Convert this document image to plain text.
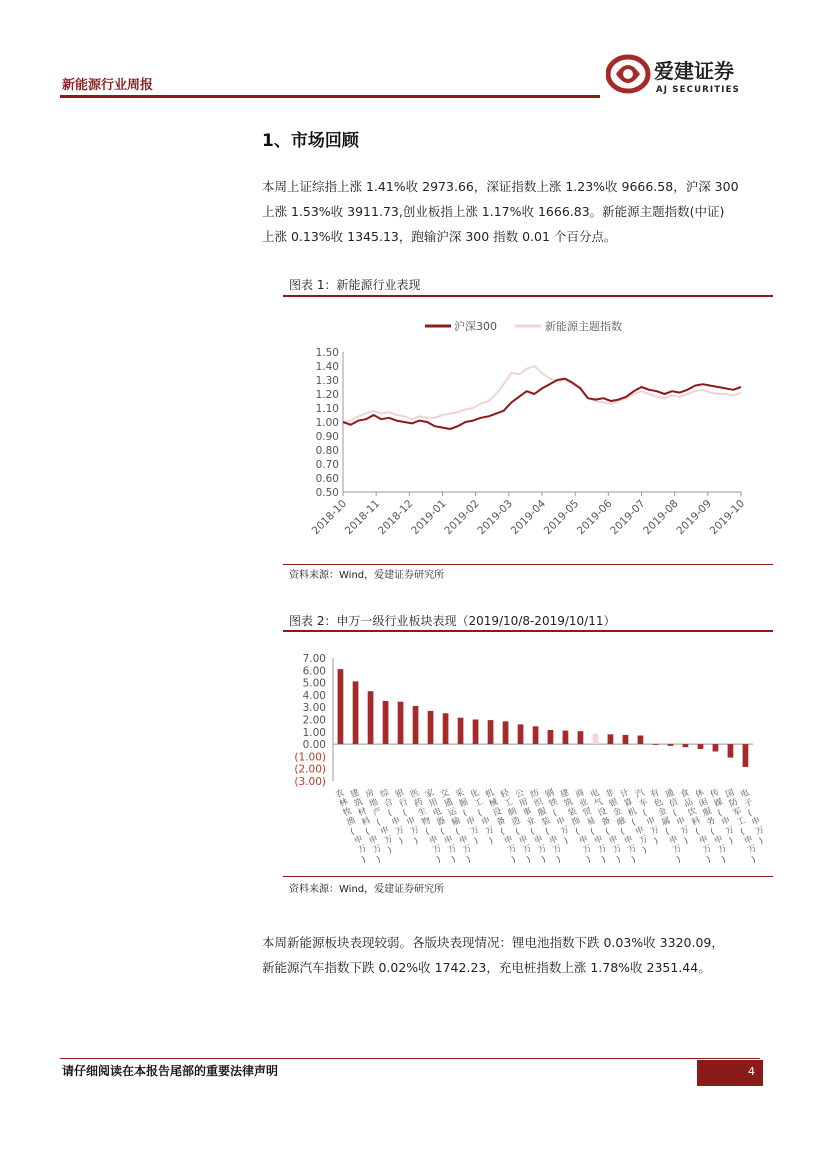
新能源行业周报
爱建证券
AJ SECURITIES
1、市场回顾
本周上证综指上涨 1.41%收 2973.66，深证指数上涨 1.23%收 9666.58，沪深 300
上涨 1.53%收 3911.73,创业板指上涨 1.17%收 1666.83。新能源主题指数(中证)
上涨 0.13%收 1345.13，跑输沪深 300 指数 0.01 个百分点。
图表 1：新能源行业表现
沪深300	新能源主题指数
1.50
1.40
1.30
1.20
1.10
1.00
0.90
0.80
0.70
0.60
0.50
2018-10
2018-11
2018-12
2019-01
2019-02
2019-03
2019-04
2019-05
2019-06
2019-07
2019-08
2019-09
2019-10
资料来源：Wind，爱建证券研究所
图表 2：申万一级行业板块表现（2019/10/8-2019/10/11）
7.00
6.00
5.00
4.00
3.00
2.00
1.00
0.00
(1.00)
(2.00)
(3.00)
农林牧渔(申万)
建筑材料(申万)
房地产(申万)
综合(申万)
银行(申万)
医药生物(申万)
家用电器(申万)
交通运输(申万)
采掘(申万)
化工(申万)
机械设备(申万)
轻工制造(申万)
公用事业(申万)
纺织服装(申万)
钢铁(申万)
建筑装饰(申万)
商业贸易(申万)
电气设备(申万)
非银金融(申万)
计算机(申万)
汽车(申万)
有色金属(申万)
通信(申万)
食品饮料(申万)
休闲服务(申万)
传媒(申万)
国防军工(申万)
电子(申万)
资料来源：Wind，爱建证券研究所
本周新能源板块表现较弱。各版块表现情况：锂电池指数下跌 0.03%收 3320.09，
新能源汽车指数下跌 0.02%收 1742.23，充电桩指数上涨 1.78%收 2351.44。
请仔细阅读在本报告尾部的重要法律声明	4
